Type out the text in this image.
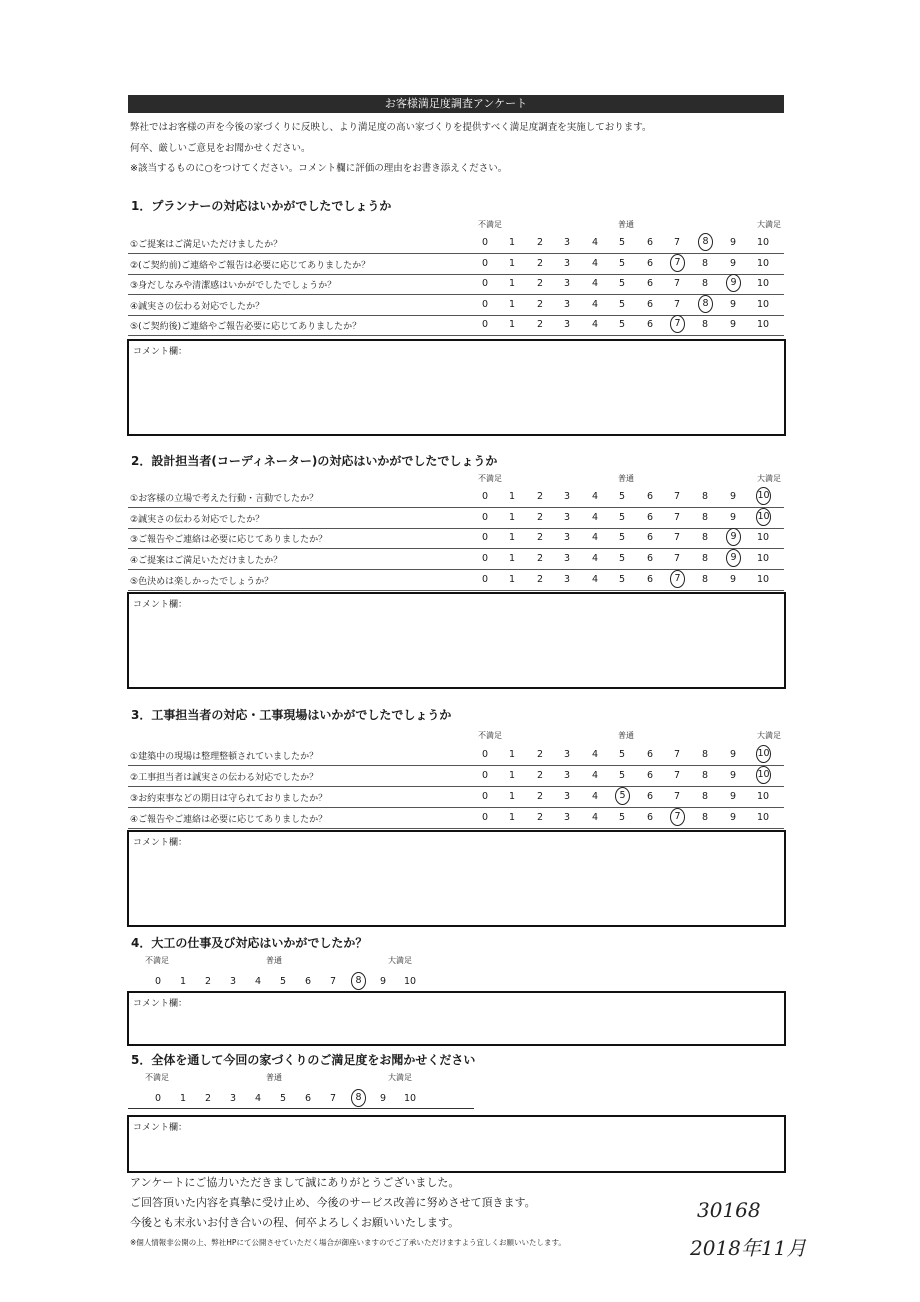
お客様満足度調査アンケート
弊社ではお客様の声を今後の家づくりに反映し、より満足度の高い家づくりを提供すべく満足度調査を実施しております。
何卒、厳しいご意見をお聞かせください。
※該当するものに○をつけてください。コメント欄に評価の理由をお書き添えください。
1．プランナーの対応はいかがでしたでしょうか
不満足	普通	大満足
①ご提案はご満足いただけましたか？	0	1	2	3	4	5	6	7	8	9	10
②(ご契約前)ご連絡やご報告は必要に応じてありましたか？	0	1	2	3	4	5	6	7	8	9	10
③身だしなみや清潔感はいかがでしたでしょうか？	0	1	2	3	4	5	6	7	8	9	10
④誠実さの伝わる対応でしたか？	0	1	2	3	4	5	6	7	8	9	10
⑤(ご契約後)ご連絡やご報告必要に応じてありましたか？	0	1	2	3	4	5	6	7	8	9	10
コメント欄：
2．設計担当者(コーディネーター)の対応はいかがでしたでしょうか
不満足	普通	大満足
①お客様の立場で考えた行動・言動でしたか？	0	1	2	3	4	5	6	7	8	9	10
②誠実さの伝わる対応でしたか？	0	1	2	3	4	5	6	7	8	9	10
③ご報告やご連絡は必要に応じてありましたか？	0	1	2	3	4	5	6	7	8	9	10
④ご提案はご満足いただけましたか？	0	1	2	3	4	5	6	7	8	9	10
⑤色決めは楽しかったでしょうか？	0	1	2	3	4	5	6	7	8	9	10
コメント欄：
3．工事担当者の対応・工事現場はいかがでしたでしょうか
不満足	普通	大満足
①建築中の現場は整理整頓されていましたか？	0	1	2	3	4	5	6	7	8	9	10
②工事担当者は誠実さの伝わる対応でしたか？	0	1	2	3	4	5	6	7	8	9	10
③お約束事などの期日は守られておりましたか？	0	1	2	3	4	5	6	7	8	9	10
④ご報告やご連絡は必要に応じてありましたか？	0	1	2	3	4	5	6	7	8	9	10
コメント欄：
4．大工の仕事及び対応はいかがでしたか？
不満足	普通	大満足
0	1	2	3	4	5	6	7	8	9	10
コメント欄：
5．全体を通して今回の家づくりのご満足度をお聞かせください
不満足	普通	大満足
0	1	2	3	4	5	6	7	8	9	10
コメント欄：
アンケートにご協力いただきまして誠にありがとうございました。
ご回答頂いた内容を真摯に受け止め、今後のサービス改善に努めさせて頂きます。
今後とも末永いお付き合いの程、何卒よろしくお願いいたします。
※個人情報非公開の上、弊社HPにて公開させていただく場合が御座いますのでご了承いただけますよう宜しくお願いいたします。
30168
2018年11月
